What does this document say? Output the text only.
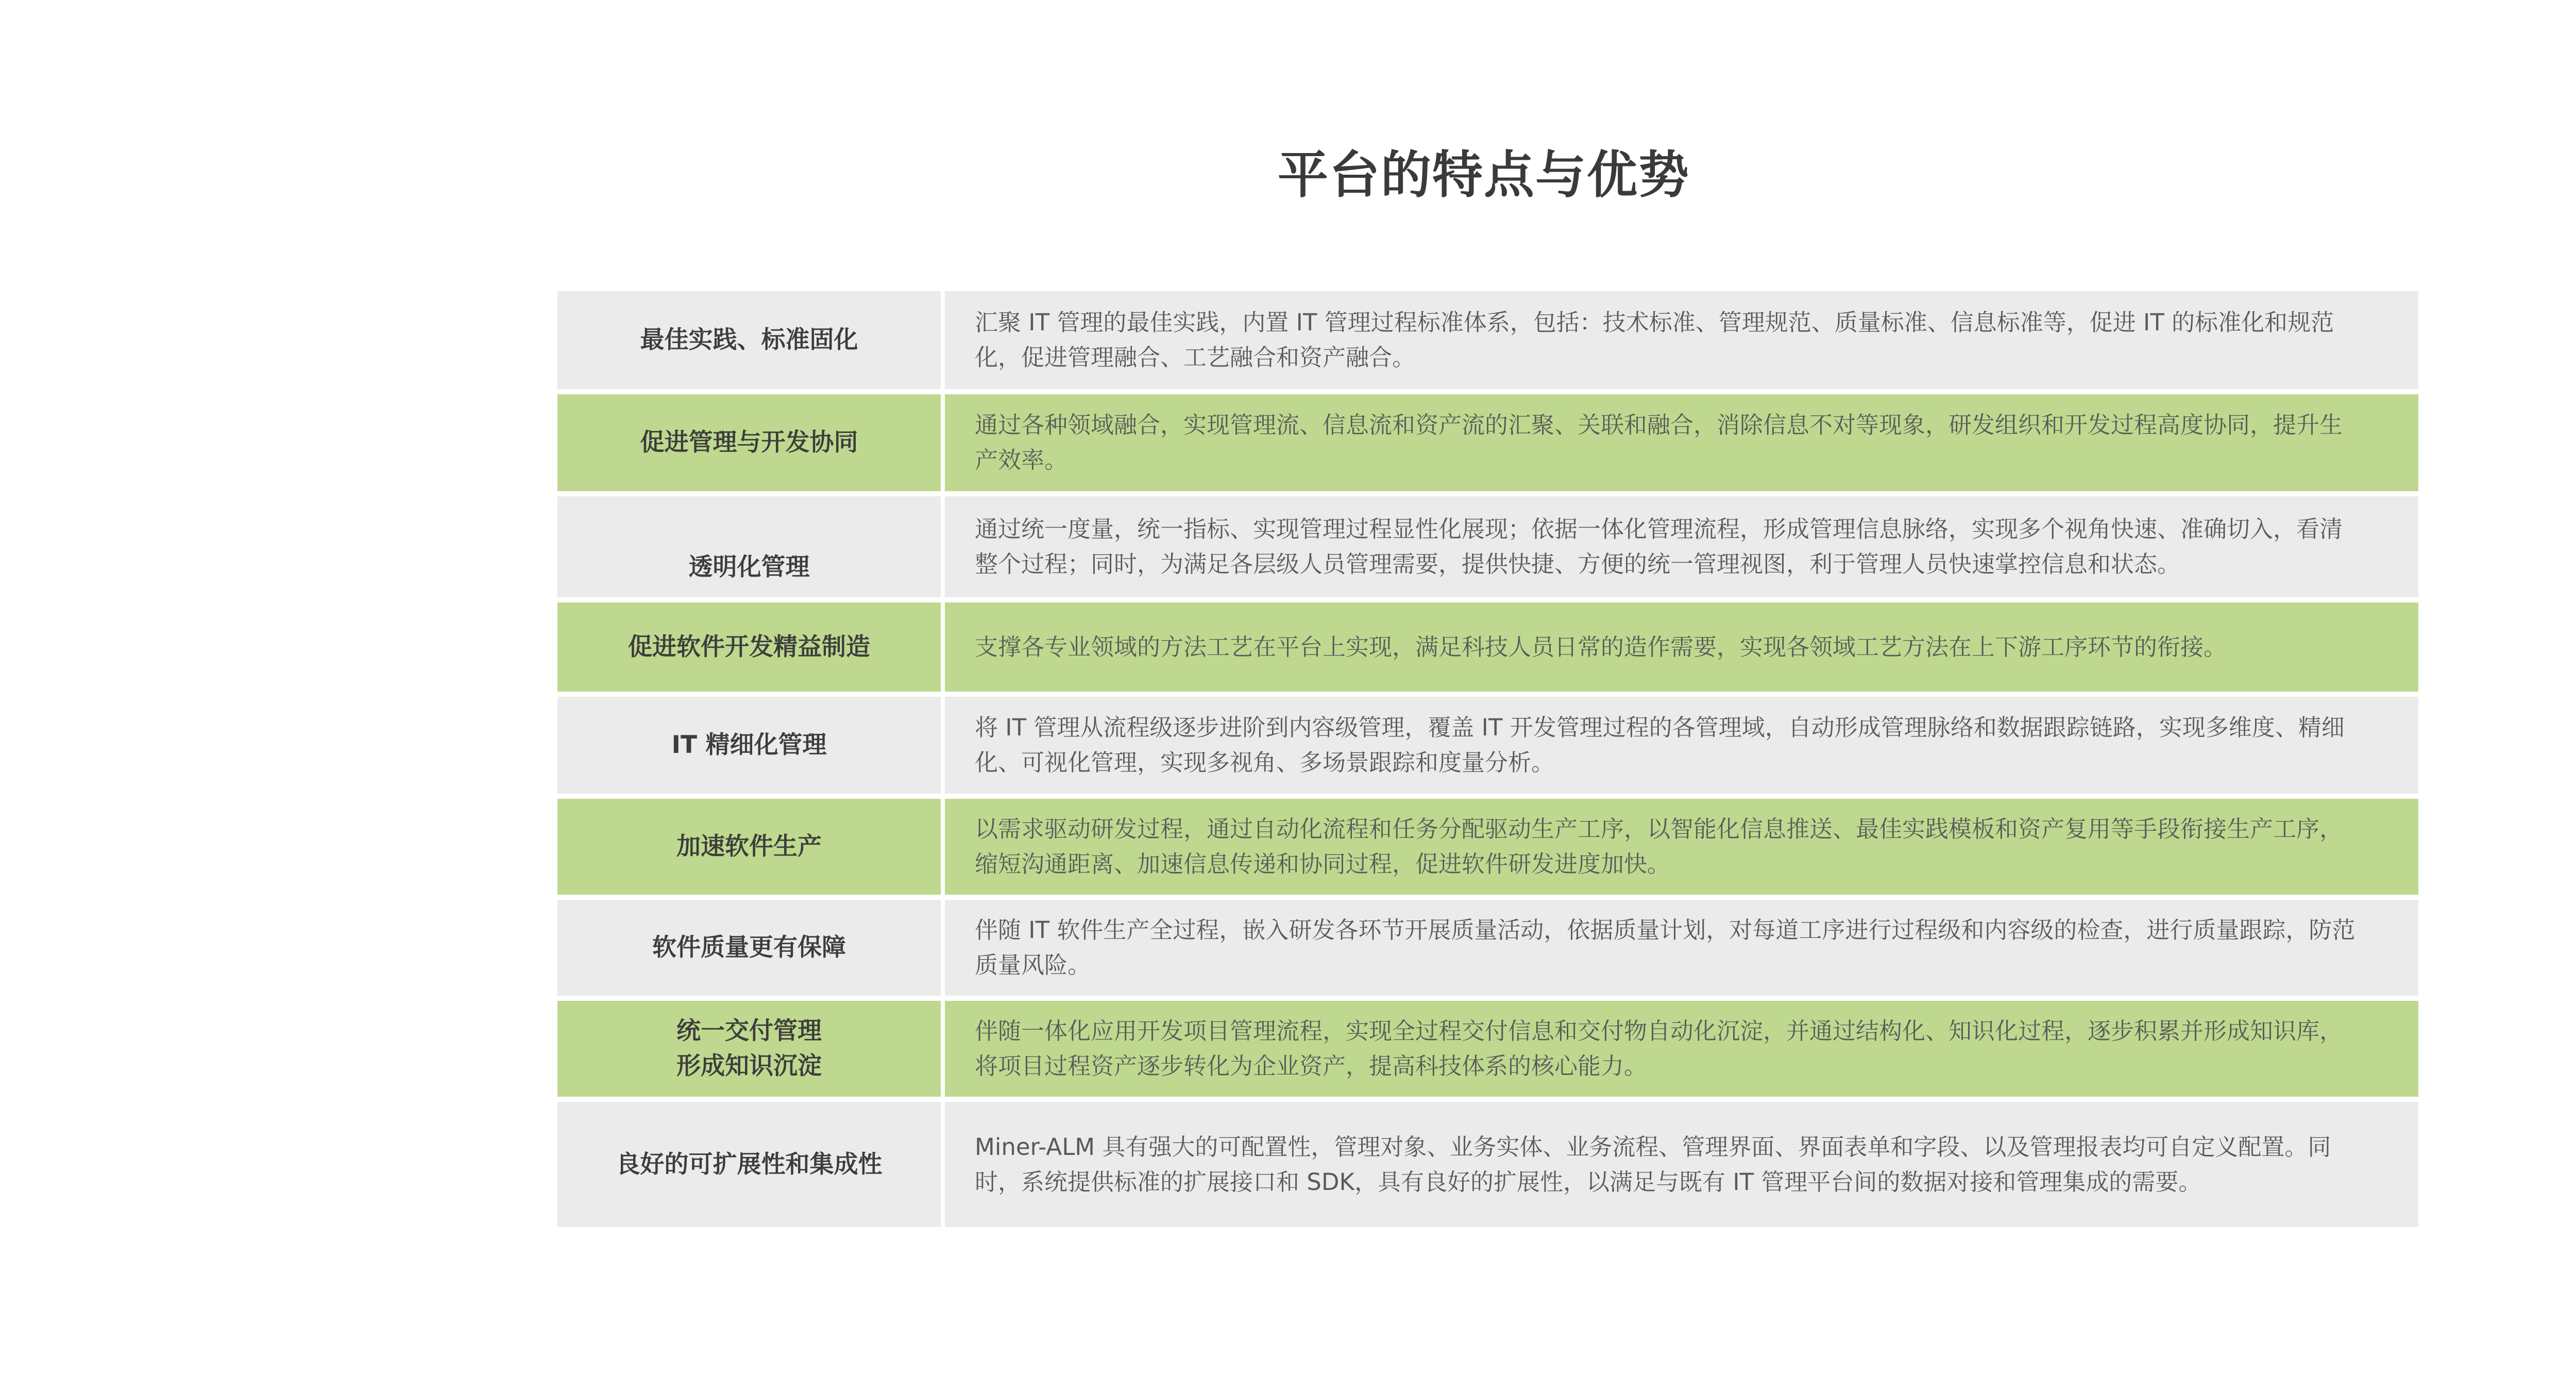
平台的特点与优势
最佳实践、标准固化
汇聚 IT 管理的最佳实践，内置 IT 管理过程标准体系，包括：技术标准、管理规范、质量标准、信息标准等，促进 IT 的标准化和规范化，促进管理融合、工艺融合和资产融合。
促进管理与开发协同
通过各种领域融合，实现管理流、信息流和资产流的汇聚、关联和融合，消除信息不对等现象，研发组织和开发过程高度协同，提升生产效率。
透明化管理
通过统一度量，统一指标、实现管理过程显性化展现；依据一体化管理流程，形成管理信息脉络，实现多个视角快速、准确切入，看清整个过程；同时，为满足各层级人员管理需要，提供快捷、方便的统一管理视图，利于管理人员快速掌控信息和状态。
促进软件开发精益制造	支撑各专业领域的方法工艺在平台上实现，满足科技人员日常的造作需要，实现各领域工艺方法在上下游工序环节的衔接。
IT 精细化管理
将 IT 管理从流程级逐步进阶到内容级管理，覆盖 IT 开发管理过程的各管理域，自动形成管理脉络和数据跟踪链路，实现多维度、精细化、可视化管理，实现多视角、多场景跟踪和度量分析。
加速软件生产
以需求驱动研发过程，通过自动化流程和任务分配驱动生产工序，以智能化信息推送、最佳实践模板和资产复用等手段衔接生产工序，缩短沟通距离、加速信息传递和协同过程，促进软件研发进度加快。
软件质量更有保障
伴随 IT 软件生产全过程，嵌入研发各环节开展质量活动，依据质量计划，对每道工序进行过程级和内容级的检查，进行质量跟踪，防范质量风险。
统一交付管理
形成知识沉淀
伴随一体化应用开发项目管理流程，实现全过程交付信息和交付物自动化沉淀，并通过结构化、知识化过程，逐步积累并形成知识库，将项目过程资产逐步转化为企业资产，提高科技体系的核心能力。
良好的可扩展性和集成性
Miner-ALM 具有强大的可配置性，管理对象、业务实体、业务流程、管理界面、界面表单和字段、以及管理报表均可自定义配置。同时，系统提供标准的扩展接口和 SDK，具有良好的扩展性，以满足与既有 IT 管理平台间的数据对接和管理集成的需要。
